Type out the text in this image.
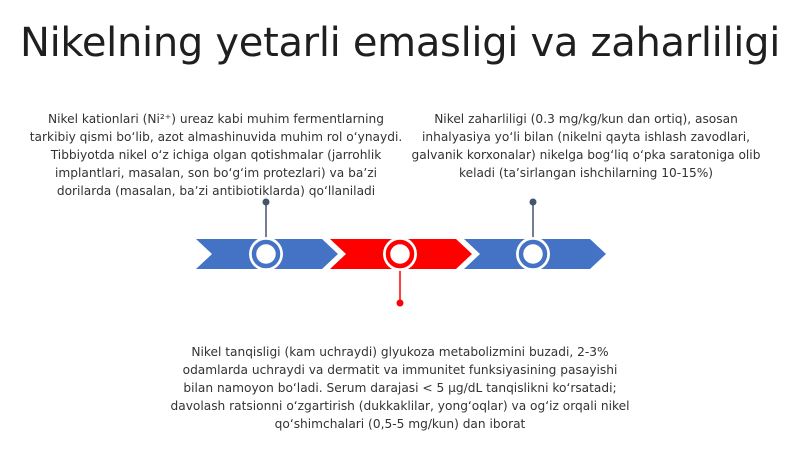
Nikelning yetarli emasligi va zaharliligi
Nikel kationlari (Ni²⁺) ureaz kabi muhim fermentlarning tarkibiy qismi boʻlib, azot almashinuvida muhim rol oʻynaydi. Tibbiyotda nikel oʻz ichiga olgan qotishmalar (jarrohlik implantlari, masalan, son boʻgʻim protezlari) va baʼzi dorilarda (masalan, baʼzi antibiotiklarda) qoʻllaniladi
Nikel zaharliligi (0.3 mg/kg/kun dan ortiq), asosan inhalyasiya yoʻli bilan (nikelni qayta ishlash zavodlari, galvanik korxonalar) nikelga bogʻliq oʻpka saratoniga olib keladi (taʼsirlangan ishchilarning 10-15%)
Nikel tanqisligi (kam uchraydi) glyukoza metabolizmini buzadi, 2-3% odamlarda uchraydi va dermatit va immunitet funksiyasining pasayishi bilan namoyon boʻladi. Serum darajasi < 5 µg/dL tanqislikni koʻrsatadi; davolash ratsionni oʻzgartirish (dukkaklilar, yongʻoqlar) va ogʻiz orqali nikel qoʻshimchalari (0,5-5 mg/kun) dan iborat
